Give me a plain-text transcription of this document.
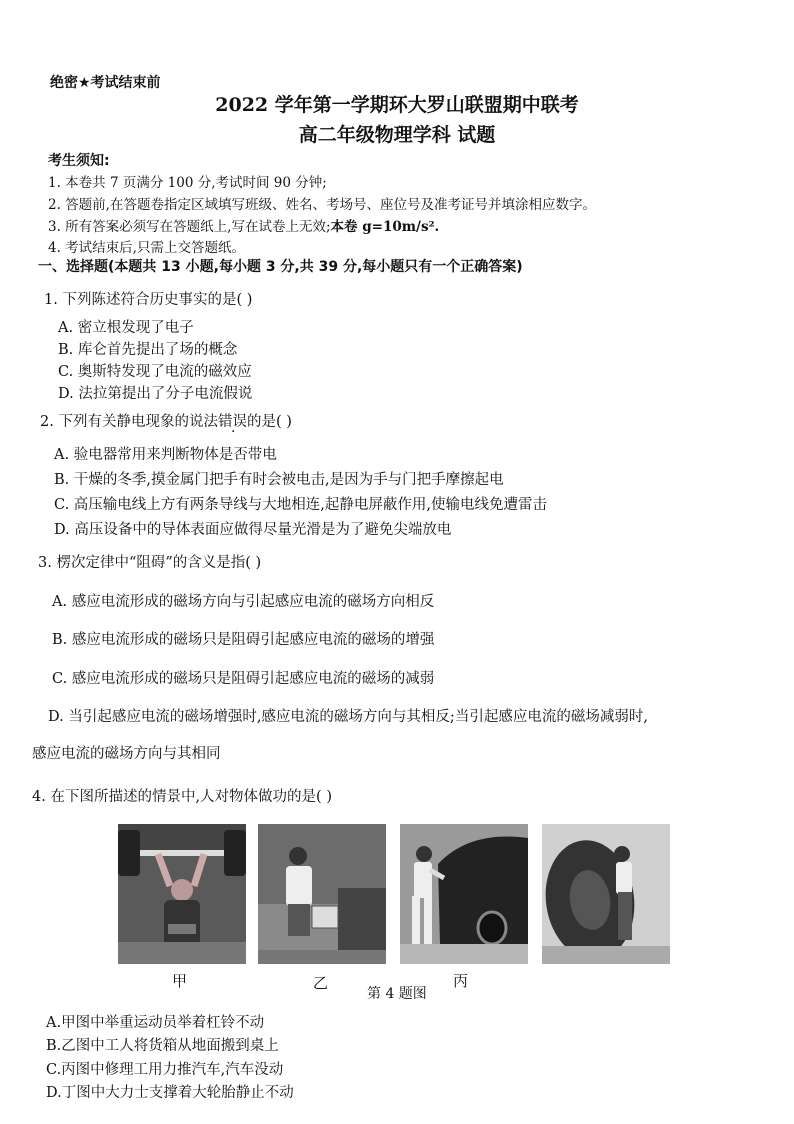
绝密★考试结束前
2022 学年第一学期环大罗山联盟期中联考
高二年级物理学科 试题
考生须知:
1. 本卷共 7 页满分 100 分,考试时间 90 分钟;
2. 答题前,在答题卷指定区域填写班级、姓名、考场号、座位号及准考证号并填涂相应数字。
3. 所有答案必须写在答题纸上,写在试卷上无效;本卷 g=10m/s².
4. 考试结束后,只需上交答题纸。
一、选择题(本题共 13 小题,每小题 3 分,共 39 分,每小题只有一个正确答案)
1. 下列陈述符合历史事实的是( )
A. 密立根发现了电子
B. 库仑首先提出了场的概念
C. 奥斯特发现了电流的磁效应
D. 法拉第提出了分子电流假说
2. 下列有关静电现象的说法错误的是( )
A. 验电器常用来判断物体是否带电
B. 干燥的冬季,摸金属门把手有时会被电击,是因为手与门把手摩擦起电
C. 高压输电线上方有两条导线与大地相连,起静电屏蔽作用,使输电线免遭雷击
D. 高压设备中的导体表面应做得尽量光滑是为了避免尖端放电
3. 楞次定律中“阻碍”的含义是指( )
A. 感应电流形成的磁场方向与引起感应电流的磁场方向相反
B. 感应电流形成的磁场只是阻碍引起感应电流的磁场的增强
C. 感应电流形成的磁场只是阻碍引起感应电流的磁场的减弱
D. 当引起感应电流的磁场增强时,感应电流的磁场方向与其相反;当引起感应电流的磁场减弱时,
感应电流的磁场方向与其相同
4. 在下图所描述的情景中,人对物体做功的是( )
甲	乙
第 4 题图
丙
A.甲图中举重运动员举着杠铃不动
B.乙图中工人将货箱从地面搬到桌上
C.丙图中修理工用力推汽车,汽车没动
D.丁图中大力士支撑着大轮胎静止不动
